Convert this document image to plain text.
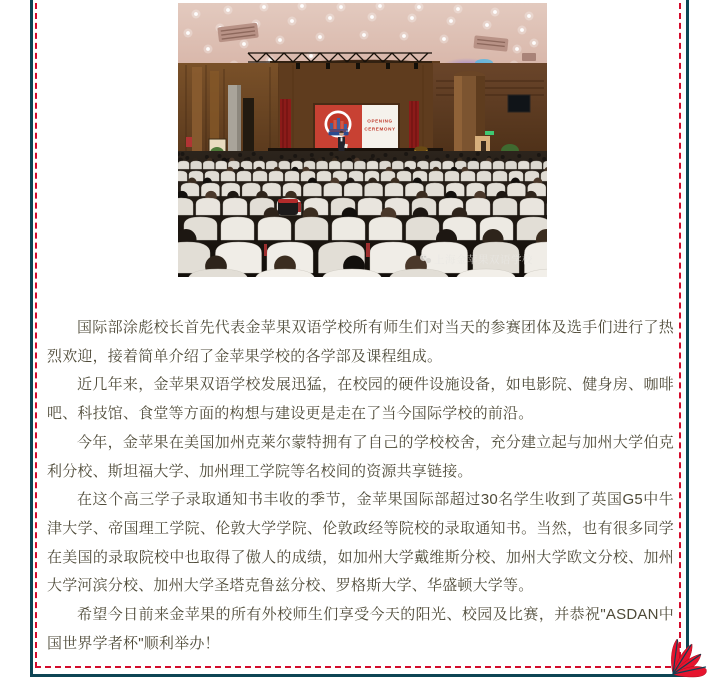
OPENING
CEREMONY
上海金苹果双语学校

国际部涂彪校长首先代表金苹果双语学校所有师生们对当天的参赛团体及选手们进行了热烈欢迎，接着简单介绍了金苹果学校的各学部及课程组成。

近几年来，金苹果双语学校发展迅猛，在校园的硬件设施设备，如电影院、健身房、咖啡吧、科技馆、食堂等方面的构想与建设更是走在了当今国际学校的前沿。

今年，金苹果在美国加州克莱尔蒙特拥有了自己的学校校舍，充分建立起与加州大学伯克利分校、斯坦福大学、加州理工学院等名校间的资源共享链接。

在这个高三学子录取通知书丰收的季节，金苹果国际部超过30名学生收到了英国G5中牛津大学、帝国理工学院、伦敦大学学院、伦敦政经等院校的录取通知书。当然，也有很多同学在美国的录取院校中也取得了傲人的成绩，如加州大学戴维斯分校、加州大学欧文分校、加州大学河滨分校、加州大学圣塔克鲁兹分校、罗格斯大学、华盛顿大学等。

希望今日前来金苹果的所有外校师生们享受今天的阳光、校园及比赛，并恭祝"ASDAN中国世界学者杯"顺利举办！
